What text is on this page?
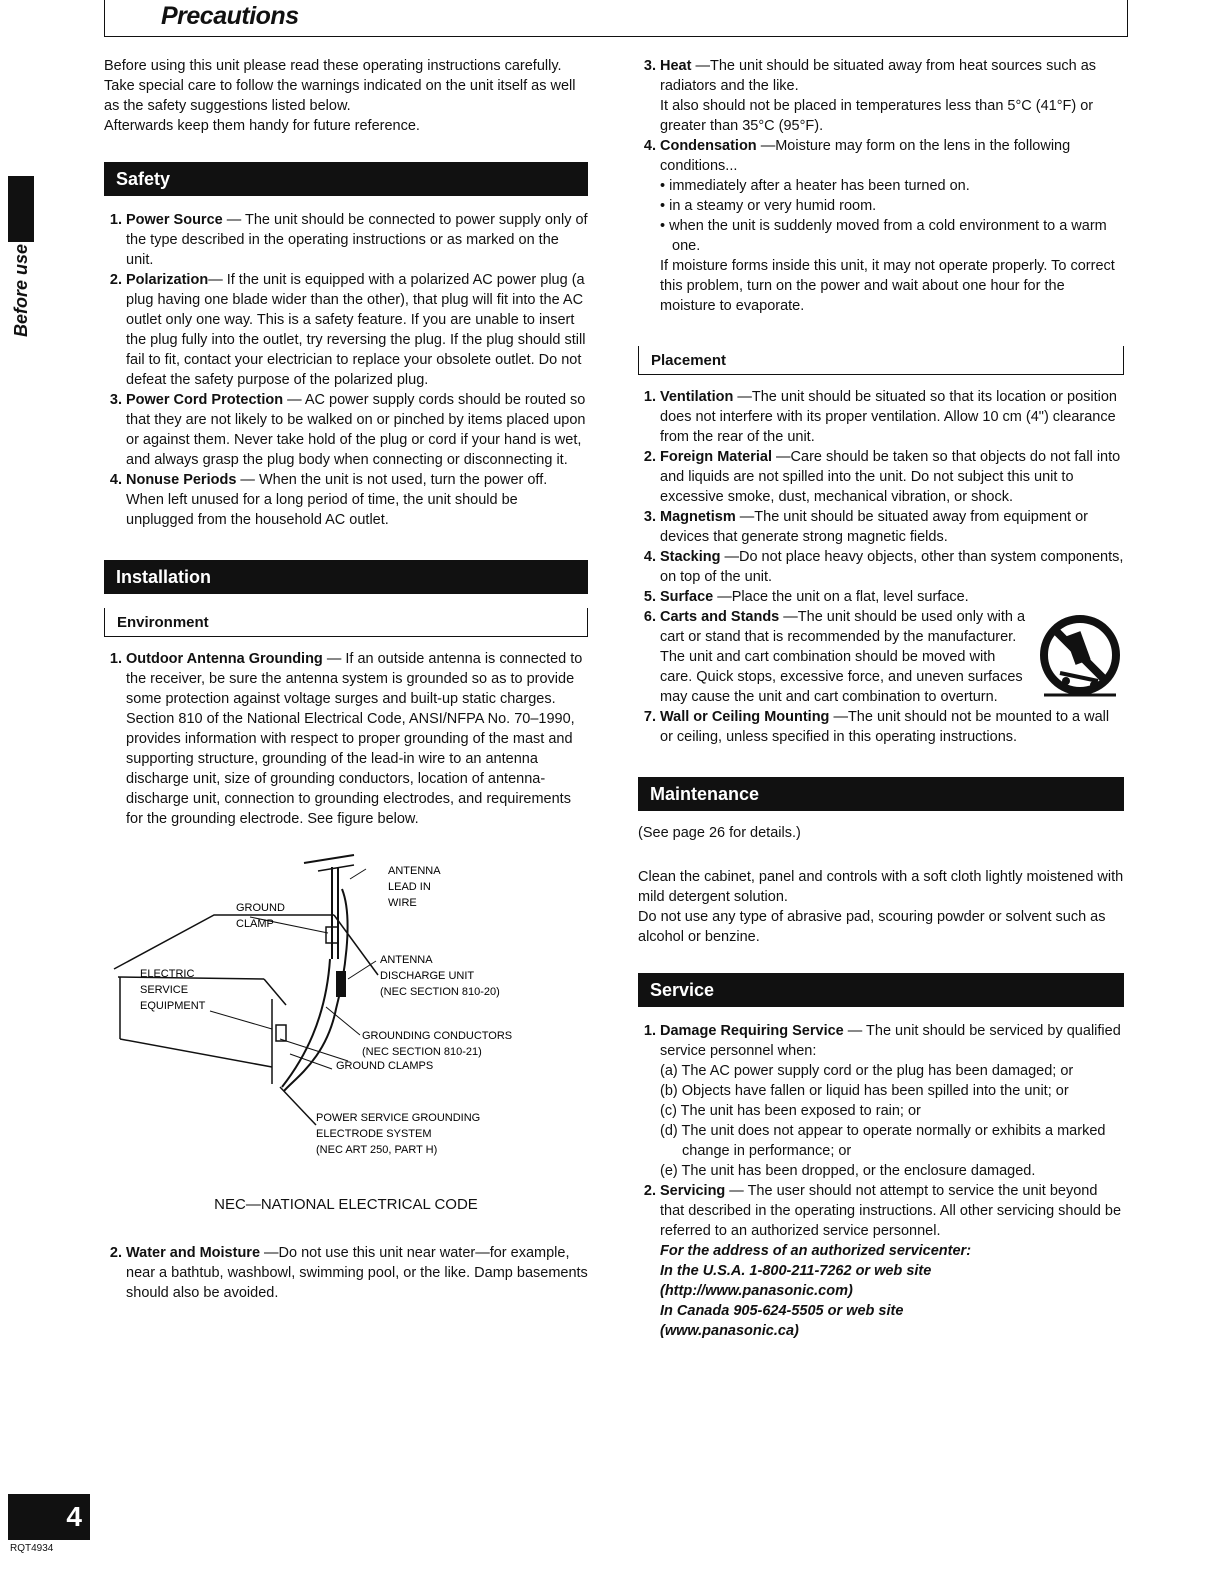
Precautions
Before use

Before using this unit please read these operating instructions carefully. Take special care to follow the warnings indicated on the unit itself as well as the safety suggestions listed below.

Afterwards keep them handy for future reference.

Safety
1. Power Source — The unit should be connected to power supply only of the type described in the operating instructions or as marked on the unit.
2. Polarization— If the unit is equipped with a polarized AC power plug (a plug having one blade wider than the other), that plug will fit into the AC outlet only one way. This is a safety feature. If you are unable to insert the plug fully into the outlet, try reversing the plug. If the plug should still fail to fit, contact your electrician to replace your obsolete outlet. Do not defeat the safety purpose of the polarized plug.
3. Power Cord Protection — AC power supply cords should be routed so that they are not likely to be walked on or pinched by items placed upon or against them. Never take hold of the plug or cord if your hand is wet, and always grasp the plug body when connecting or disconnecting it.
4. Nonuse Periods — When the unit is not used, turn the power off. When left unused for a long period of time, the unit should be unplugged from the household AC outlet.
Installation
Environment
1. Outdoor Antenna Grounding — If an outside antenna is connected to the receiver, be sure the antenna system is grounded so as to provide some protection against voltage surges and built-up static charges. Section 810 of the National Electrical Code, ANSI/NFPA No. 70–1990, provides information with respect to proper grounding of the mast and supporting structure, grounding of the lead-in wire to an antenna discharge unit, size of grounding conductors, location of antenna-discharge unit, connection to grounding electrodes, and requirements for the grounding electrode. See figure below.
ANTENNA
LEAD IN
WIRE
GROUND
CLAMP
ELECTRIC
SERVICE
EQUIPMENT
ANTENNA
DISCHARGE UNIT
(NEC SECTION 810-20)
GROUNDING CONDUCTORS
(NEC SECTION 810-21)
GROUND CLAMPS
POWER SERVICE GROUNDING
ELECTRODE SYSTEM
(NEC ART 250, PART H)

NEC—NATIONAL ELECTRICAL CODE

2. Water and Moisture —Do not use this unit near water—for example, near a bathtub, washbowl, swimming pool, or the like. Damp basements should also be avoided.
3. Heat —The unit should be situated away from heat sources such as radiators and the like.
It also should not be placed in temperatures less than 5°C (41°F) or greater than 35°C (95°F).
4. Condensation —Moisture may form on the lens in the following conditions...
• immediately after a heater has been turned on.
• in a steamy or very humid room.
• when the unit is suddenly moved from a cold environment to a warm one.
If moisture forms inside this unit, it may not operate properly. To correct this problem, turn on the power and wait about one hour for the moisture to evaporate.
Placement
1. Ventilation —The unit should be situated so that its location or position does not interfere with its proper ventilation. Allow 10 cm (4") clearance from the rear of the unit.
2. Foreign Material —Care should be taken so that objects do not fall into and liquids are not spilled into the unit. Do not subject this unit to excessive smoke, dust, mechanical vibration, or shock.
3. Magnetism —The unit should be situated away from equipment or devices that generate strong magnetic fields.
4. Stacking —Do not place heavy objects, other than system components, on top of the unit.
5. Surface —Place the unit on a flat, level surface.
6. Carts and Stands —The unit should be used only with a cart or stand that is recommended by the manufacturer. The unit and cart combination should be moved with care. Quick stops, excessive force, and uneven surfaces may cause the unit and cart combination to overturn.
7. Wall or Ceiling Mounting —The unit should not be mounted to a wall or ceiling, unless specified in this operating instructions.
Maintenance

(See page 26 for details.)

Clean the cabinet, panel and controls with a soft cloth lightly moistened with mild detergent solution.

Do not use any type of abrasive pad, scouring powder or solvent such as alcohol or benzine.

Service
1. Damage Requiring Service — The unit should be serviced by qualified service personnel when:
(a) The AC power supply cord or the plug has been damaged; or
(b) Objects have fallen or liquid has been spilled into the unit; or
(c) The unit has been exposed to rain; or
(d) The unit does not appear to operate normally or exhibits a marked change in performance; or
(e) The unit has been dropped, or the enclosure damaged.
2. Servicing — The user should not attempt to service the unit beyond that described in the operating instructions. All other servicing should be referred to an authorized service personnel.
For the address of an authorized servicenter:
In the U.S.A. 1-800-211-7262 or web site
(http://www.panasonic.com)
In Canada 905-624-5505 or web site
(www.panasonic.ca)
4
RQT4934
